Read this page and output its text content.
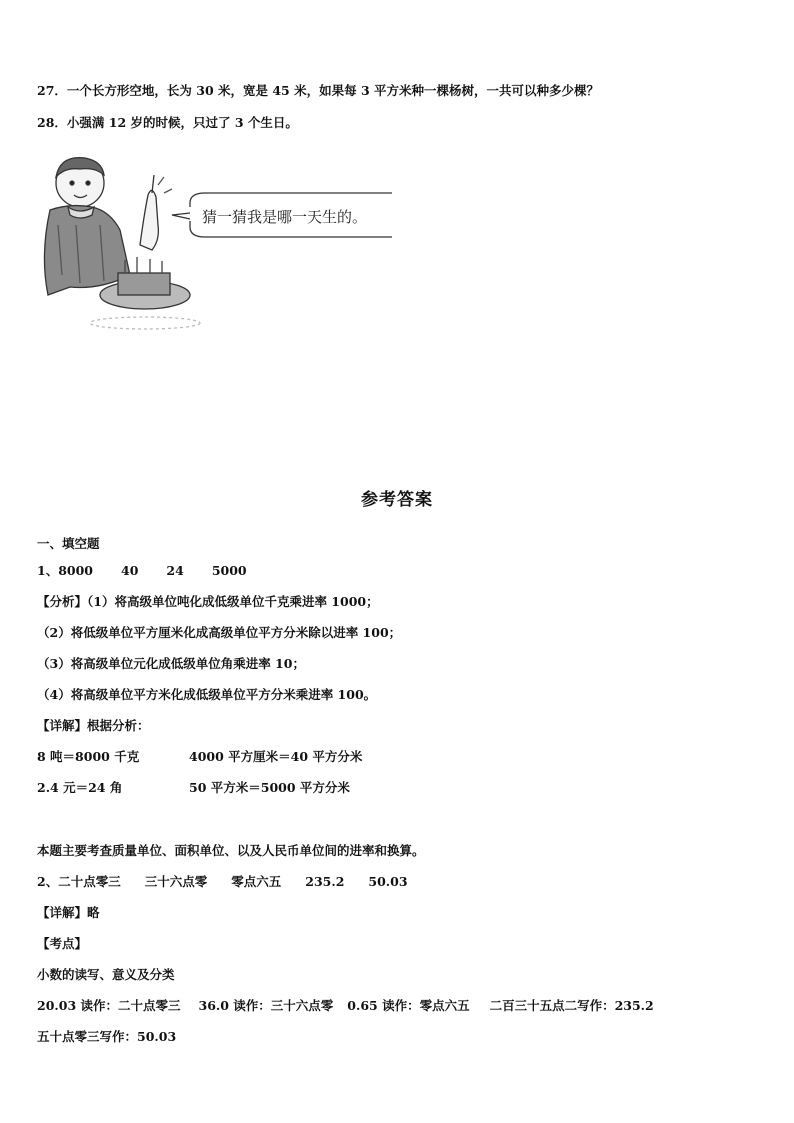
27．一个长方形空地，长为 30 米，宽是 45 米，如果每 3 平方米种一棵杨树，一共可以种多少棵？
28．小强满 12 岁的时候，只过了 3 个生日。
猜一猜我是哪一天生的。
参考答案
一、填空题
1、8000 40 24 5000
【分析】（1）将高级单位吨化成低级单位千克乘进率 1000；
（2）将低级单位平方厘米化成高级单位平方分米除以进率 100；
（3）将高级单位元化成低级单位角乘进率 10；
（4）将高级单位平方米化成低级单位平方分米乘进率 100。
【详解】根据分析：
8 吨＝8000 千克	4000 平方厘米＝40 平方分米
2.4 元＝24 角	50 平方米＝5000 平方分米
本题主要考查质量单位、面积单位、以及人民币单位间的进率和换算。
2、二十点零三 三十六点零 零点六五 235.2 50.03
【详解】略
【考点】
小数的读写、意义及分类
20.03 读作：二十点零三 36.0 读作：三十六点零 0.65 读作：零点六五 二百三十五点二写作：235.2
五十点零三写作：50.03
